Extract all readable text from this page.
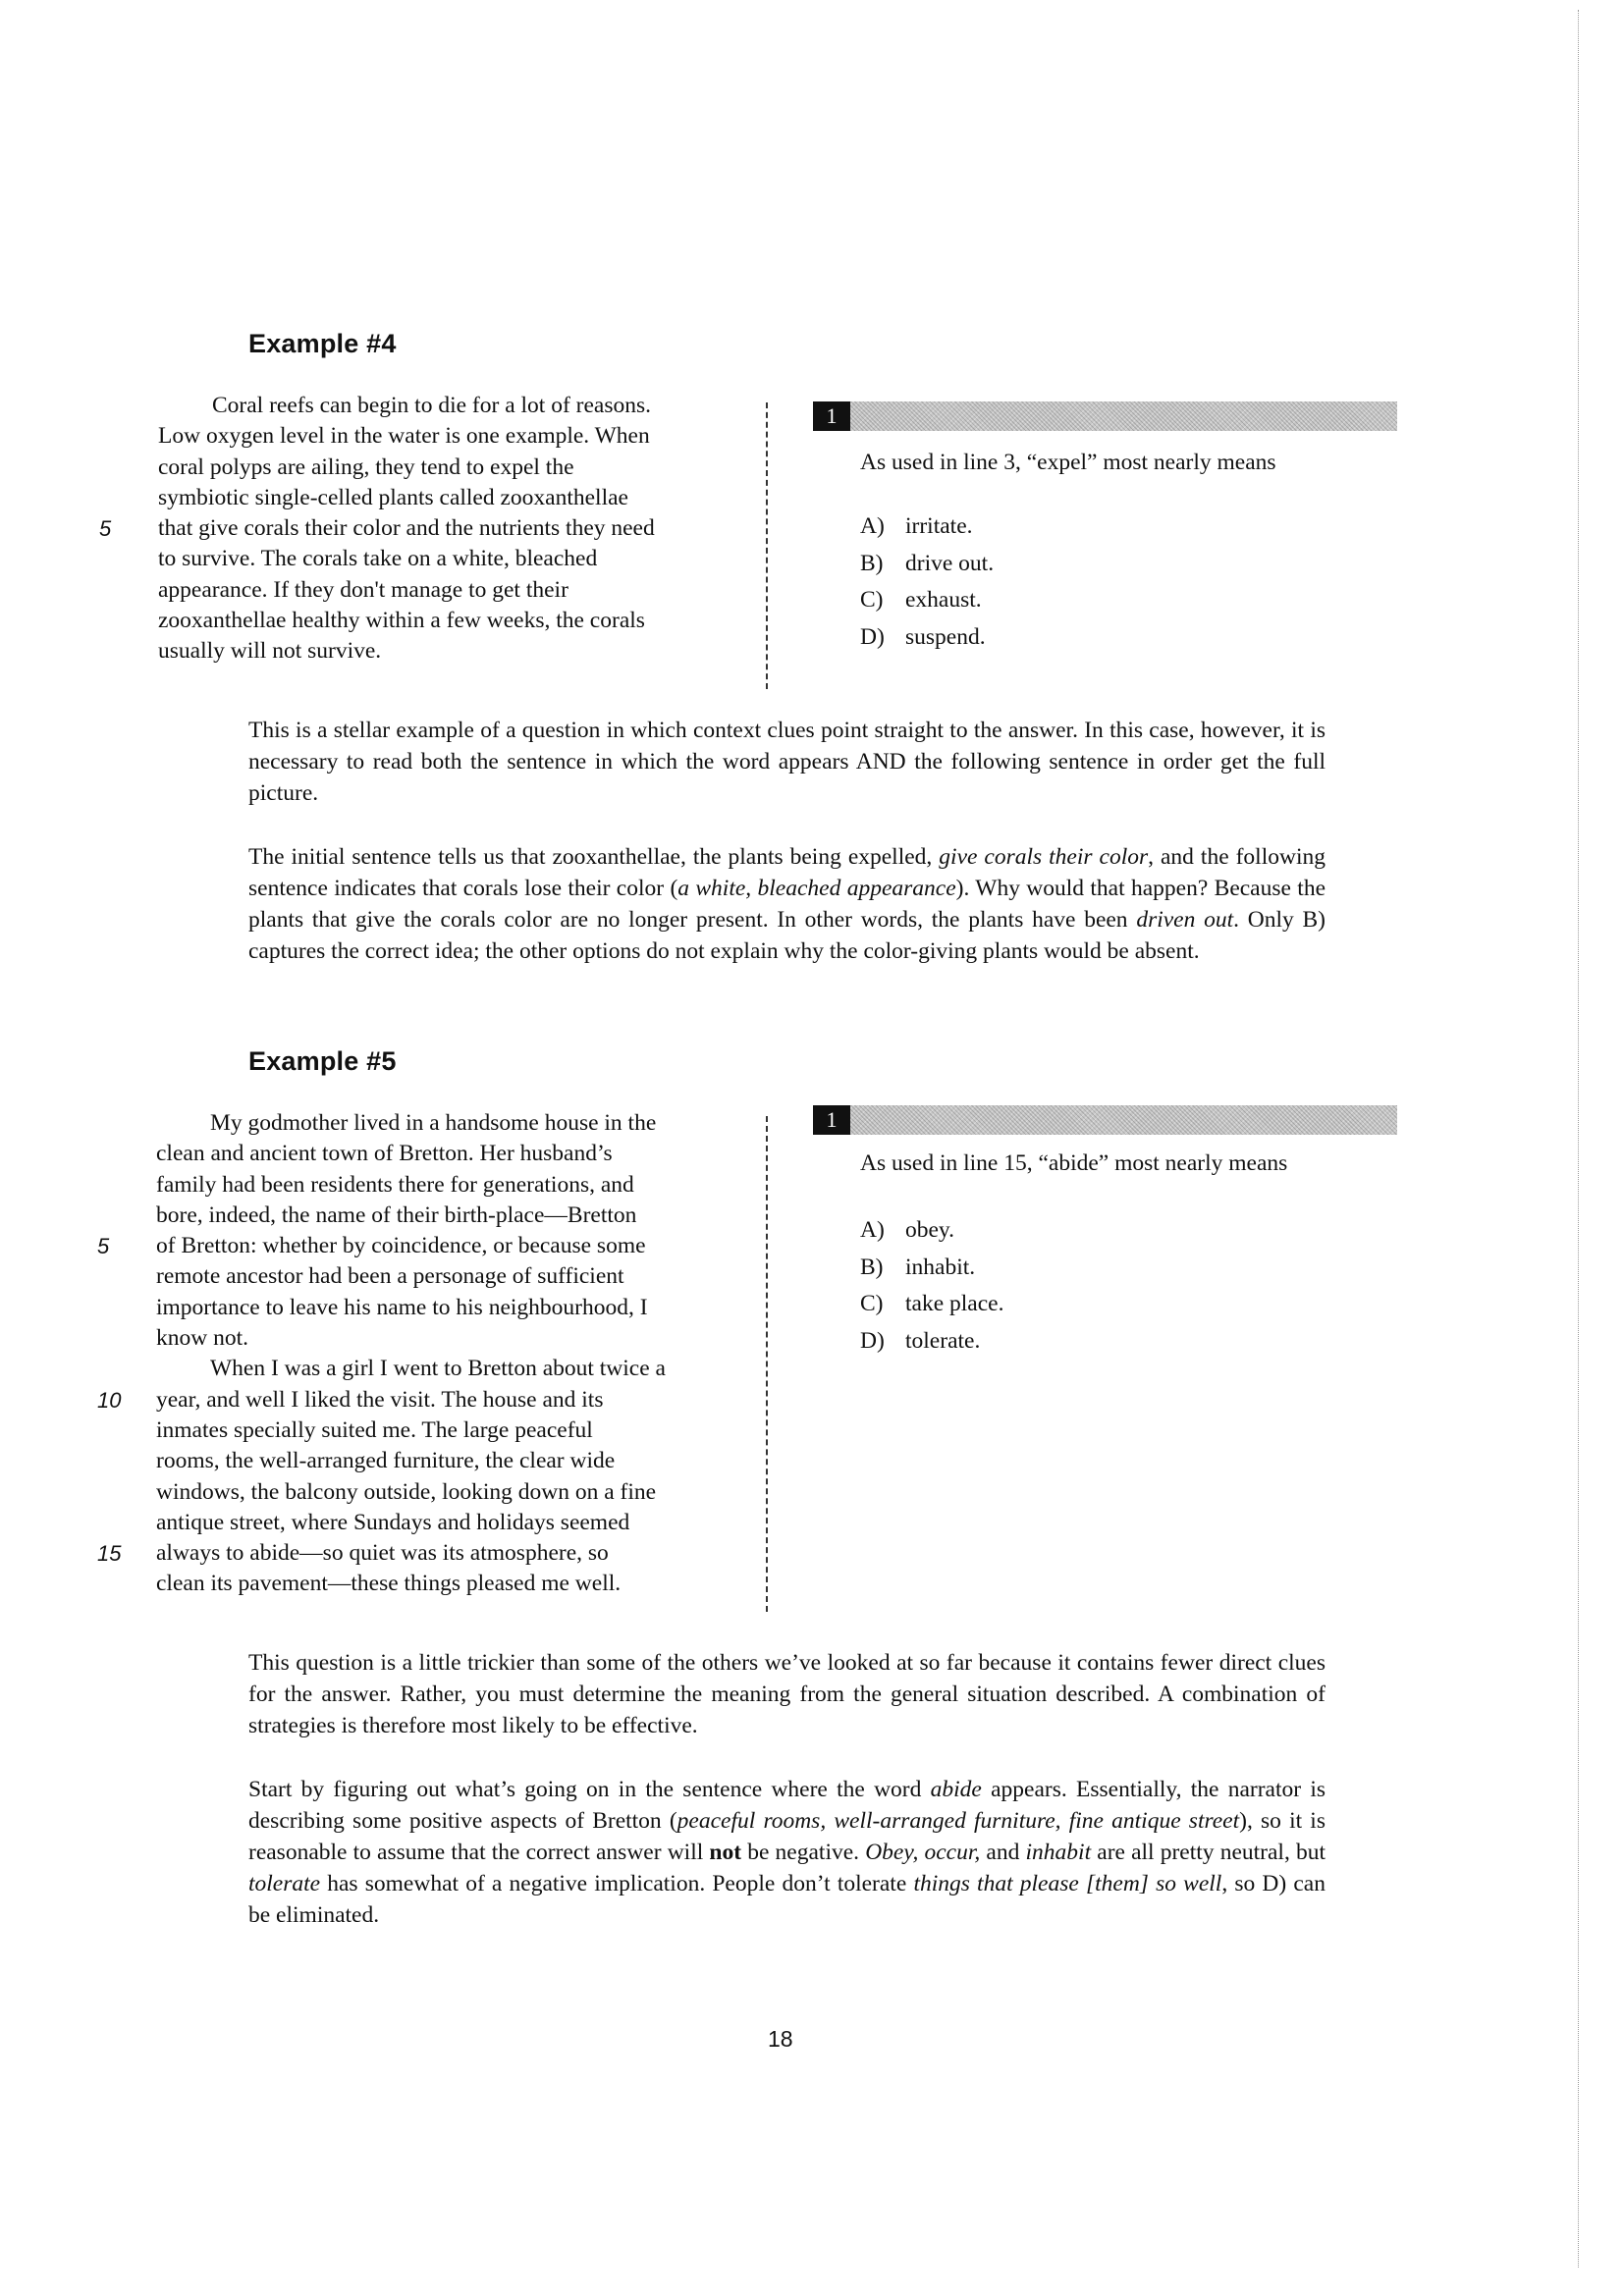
Example #4
Coral reefs can begin to die for a lot of reasons.
Low oxygen level in the water is one example. When
coral polyps are ailing, they tend to expel the
symbiotic single-celled plants called zooxanthellae
5	that give corals their color and the nutrients they need
to survive. The corals take on a white, bleached
appearance. If they don't manage to get their
zooxanthellae healthy within a few weeks, the corals
usually will not survive.
1
As used in line 3, “expel” most nearly means
A) irritate.
B) drive out.
C) exhaust.
D) suspend.

This is a stellar example of a question in which context clues point straight to the answer. In this case, however, it is necessary to read both the sentence in which the word appears AND the following sentence in order get the full picture.

The initial sentence tells us that zooxanthellae, the plants being expelled, give corals their color, and the following sentence indicates that corals lose their color (a white, bleached appearance). Why would that happen? Because the plants that give the corals color are no longer present. In other words, the plants have been driven out. Only B) captures the correct idea; the other options do not explain why the color-giving plants would be absent.

Example #5
My godmother lived in a handsome house in the
clean and ancient town of Bretton. Her husband’s
family had been residents there for generations, and
bore, indeed, the name of their birth-place—Bretton
5	of Bretton: whether by coincidence, or because some
remote ancestor had been a personage of sufficient
importance to leave his name to his neighbourhood, I
know not.
When I was a girl I went to Bretton about twice a
10	year, and well I liked the visit. The house and its
inmates specially suited me. The large peaceful
rooms, the well-arranged furniture, the clear wide
windows, the balcony outside, looking down on a fine
antique street, where Sundays and holidays seemed
15	always to abide—so quiet was its atmosphere, so
clean its pavement—these things pleased me well.
1
As used in line 15, “abide” most nearly means
A) obey.
B) inhabit.
C) take place.
D) tolerate.

This question is a little trickier than some of the others we’ve looked at so far because it contains fewer direct clues for the answer. Rather, you must determine the meaning from the general situation described. A combination of strategies is therefore most likely to be effective.

Start by figuring out what’s going on in the sentence where the word abide appears. Essentially, the narrator is describing some positive aspects of Bretton (peaceful rooms, well-arranged furniture, fine antique street), so it is reasonable to assume that the correct answer will not be negative. Obey, occur, and inhabit are all pretty neutral, but tolerate has somewhat of a negative implication. People don’t tolerate things that please [them] so well, so D) can be eliminated.

18
